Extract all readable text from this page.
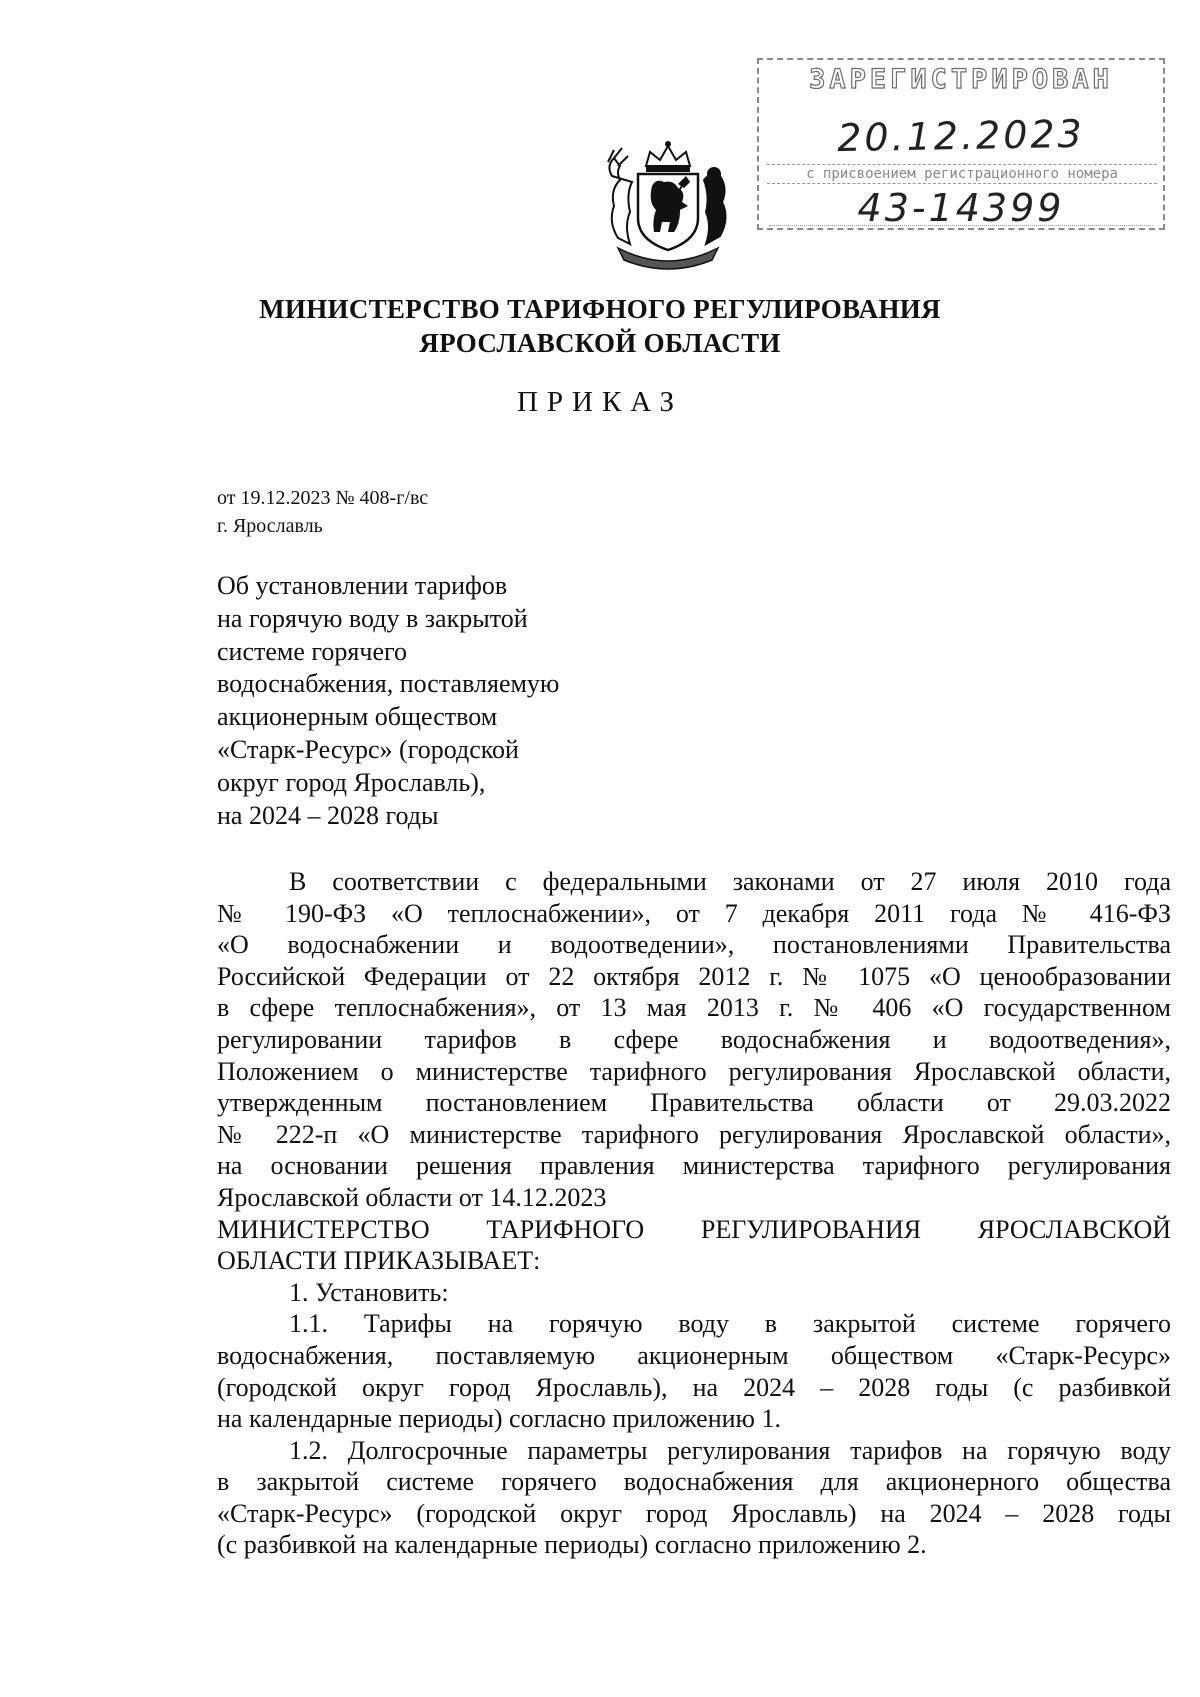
ЗАРЕГИСТРИРОВАН
20.12.2023
с присвоением регистрационного номера
43-14399
МИНИСТЕРСТВО ТАРИФНОГО РЕГУЛИРОВАНИЯ
ЯРОСЛАВСКОЙ ОБЛАСТИ
ПРИКАЗ
от 19.12.2023 № 408-г/вс
г. Ярославль
Об установлении тарифов
на горячую воду в закрытой
системе горячего
водоснабжения, поставляемую
акционерным обществом
«Старк-Ресурс» (городской
округ город Ярославль),
на 2024 – 2028 годы
В соответствии с федеральными законами от 27 июля 2010 года
№ 190-ФЗ «О теплоснабжении», от 7 декабря 2011 года № 416-ФЗ
«О водоснабжении и водоотведении», постановлениями Правительства
Российской Федерации от 22 октября 2012 г. № 1075 «О ценообразовании
в сфере теплоснабжения», от 13 мая 2013 г. № 406 «О государственном
регулировании тарифов в сфере водоснабжения и водоотведения»,
Положением о министерстве тарифного регулирования Ярославской области,
утвержденным постановлением Правительства области от 29.03.2022
№ 222-п «О министерстве тарифного регулирования Ярославской области»,
на основании решения правления министерства тарифного регулирования
Ярославской области от 14.12.2023
МИНИСТЕРСТВО ТАРИФНОГО РЕГУЛИРОВАНИЯ ЯРОСЛАВСКОЙ
ОБЛАСТИ ПРИКАЗЫВАЕТ:
1. Установить:
1.1. Тарифы на горячую воду в закрытой системе горячего
водоснабжения, поставляемую акционерным обществом «Старк-Ресурс»
(городской округ город Ярославль), на 2024 – 2028 годы (с разбивкой
на календарные периоды) согласно приложению 1.
1.2. Долгосрочные параметры регулирования тарифов на горячую воду
в закрытой системе горячего водоснабжения для акционерного общества
«Старк-Ресурс» (городской округ город Ярославль) на 2024 – 2028 годы
(с разбивкой на календарные периоды) согласно приложению 2.
